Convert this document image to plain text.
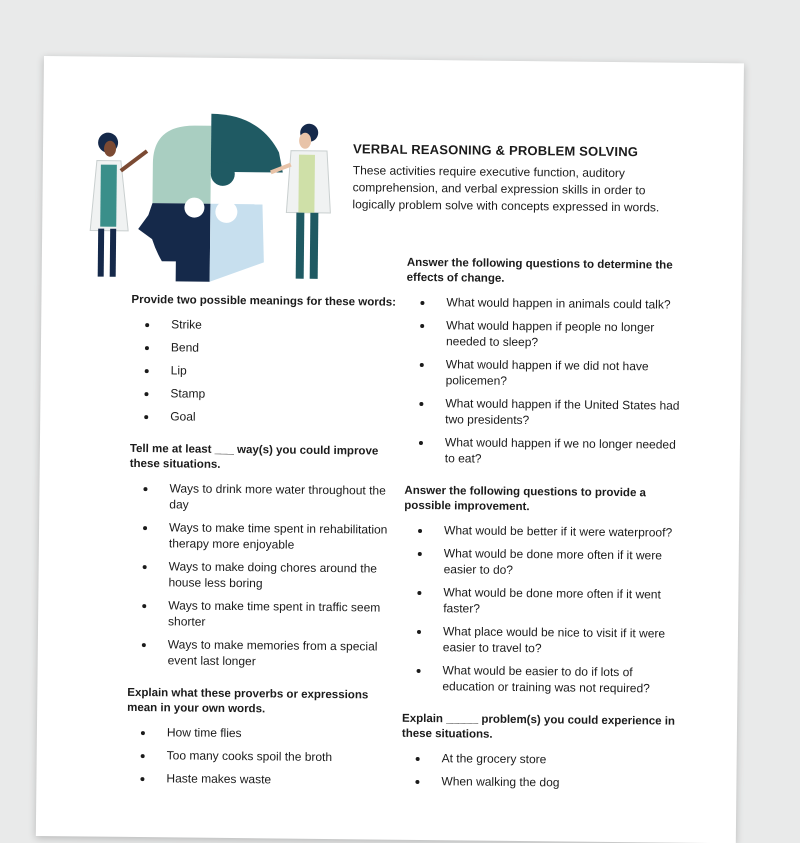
VERBAL REASONING & PROBLEM SOLVING

These activities require executive function, auditory comprehension, and verbal expression skills in order to logically problem solve with concepts expressed in words.

Provide two possible meanings for these words:

Strike
Bend
Lip
Stamp
Goal

Tell me at least ___ way(s) you could improve these situations.

Ways to drink more water throughout the day
Ways to make time spent in rehabilitation therapy more enjoyable
Ways to make doing chores around the house less boring
Ways to make time spent in traffic seem shorter
Ways to make memories from a special event last longer

Explain what these proverbs or expressions mean in your own words.

How time flies
Too many cooks spoil the broth
Haste makes waste

Answer the following questions to determine the effects of change.

What would happen in animals could talk?
What would happen if people no longer needed to sleep?
What would happen if we did not have policemen?
What would happen if the United States had two presidents?
What would happen if we no longer needed to eat?

Answer the following questions to provide a possible improvement.

What would be better if it were waterproof?
What would be done more often if it were easier to do?
What would be done more often if it went faster?
What place would be nice to visit if it were easier to travel to?
What would be easier to do if lots of education or training was not required?

Explain _____ problem(s) you could experience in these situations.

At the grocery store
When walking the dog
